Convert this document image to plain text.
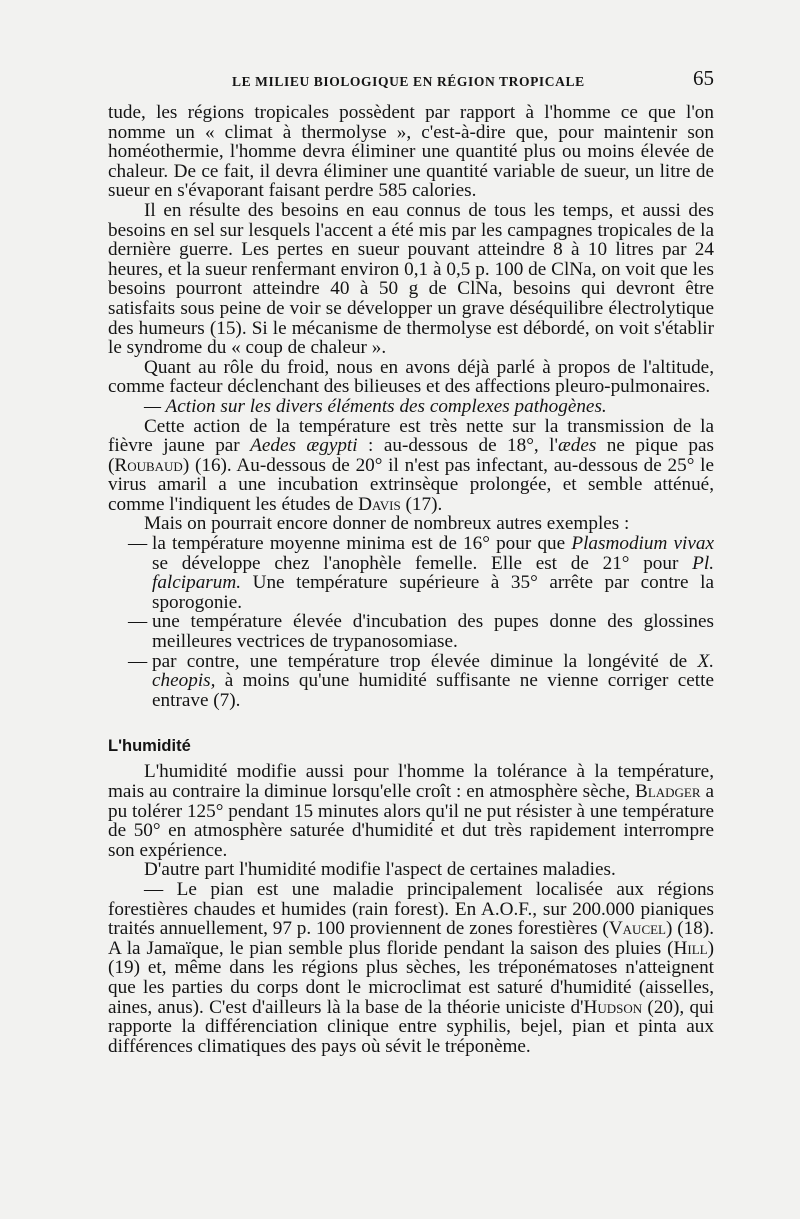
LE MILIEU BIOLOGIQUE EN RÉGION TROPICALE	65

tude, les régions tropicales possèdent par rapport à l'homme ce que l'on nomme un « climat à thermolyse », c'est-à-dire que, pour maintenir son homéothermie, l'homme devra éliminer une quantité plus ou moins élevée de chaleur. De ce fait, il devra éliminer une quantité variable de sueur, un litre de sueur en s'évaporant faisant perdre 585 calories.

Il en résulte des besoins en eau connus de tous les temps, et aussi des besoins en sel sur lesquels l'accent a été mis par les campagnes tropicales de la dernière guerre. Les pertes en sueur pouvant atteindre 8 à 10 litres par 24 heures, et la sueur renfermant environ 0,1 à 0,5 p. 100 de ClNa, on voit que les besoins pourront atteindre 40 à 50 g de ClNa, besoins qui devront être satisfaits sous peine de voir se développer un grave déséquilibre électrolytique des humeurs (15). Si le mécanisme de thermolyse est débordé, on voit s'établir le syndrome du « coup de chaleur ».

Quant au rôle du froid, nous en avons déjà parlé à propos de l'altitude, comme facteur déclenchant des bilieuses et des affections pleuro-pulmonaires.

— Action sur les divers éléments des complexes pathogènes.

Cette action de la température est très nette sur la transmission de la fièvre jaune par Aedes ægypti : au-dessous de 18°, l'ædes ne pique pas (Roubaud) (16). Au-dessous de 20° il n'est pas infectant, au-dessous de 25° le virus amaril a une incubation extrinsèque prolongée, et semble atténué, comme l'indiquent les études de Davis (17).

Mais on pourrait encore donner de nombreux autres exemples :

— la température moyenne minima est de 16° pour que Plasmodium vivax se développe chez l'anophèle femelle. Elle est de 21° pour Pl. falciparum. Une température supérieure à 35° arrête par contre la sporogonie.

— une température élevée d'incubation des pupes donne des glossines meilleures vectrices de trypanosomiase.

— par contre, une température trop élevée diminue la longévité de X. cheopis, à moins qu'une humidité suffisante ne vienne corriger cette entrave (7).

L'humidité

L'humidité modifie aussi pour l'homme la tolérance à la température, mais au contraire la diminue lorsqu'elle croît : en atmosphère sèche, Bladger a pu tolérer 125° pendant 15 minutes alors qu'il ne put résister à une température de 50° en atmosphère saturée d'humidité et dut très rapidement interrompre son expérience.

D'autre part l'humidité modifie l'aspect de certaines maladies.

— Le pian est une maladie principalement localisée aux régions forestières chaudes et humides (rain forest). En A.O.F., sur 200.000 pianiques traités annuellement, 97 p. 100 proviennent de zones forestières (Vaucel) (18). A la Jamaïque, le pian semble plus floride pendant la saison des pluies (Hill) (19) et, même dans les régions plus sèches, les tréponématoses n'atteignent que les parties du corps dont le microclimat est saturé d'humidité (aisselles, aines, anus). C'est d'ailleurs là la base de la théorie uniciste d'Hudson (20), qui rapporte la différenciation clinique entre syphilis, bejel, pian et pinta aux différences climatiques des pays où sévit le tréponème.
